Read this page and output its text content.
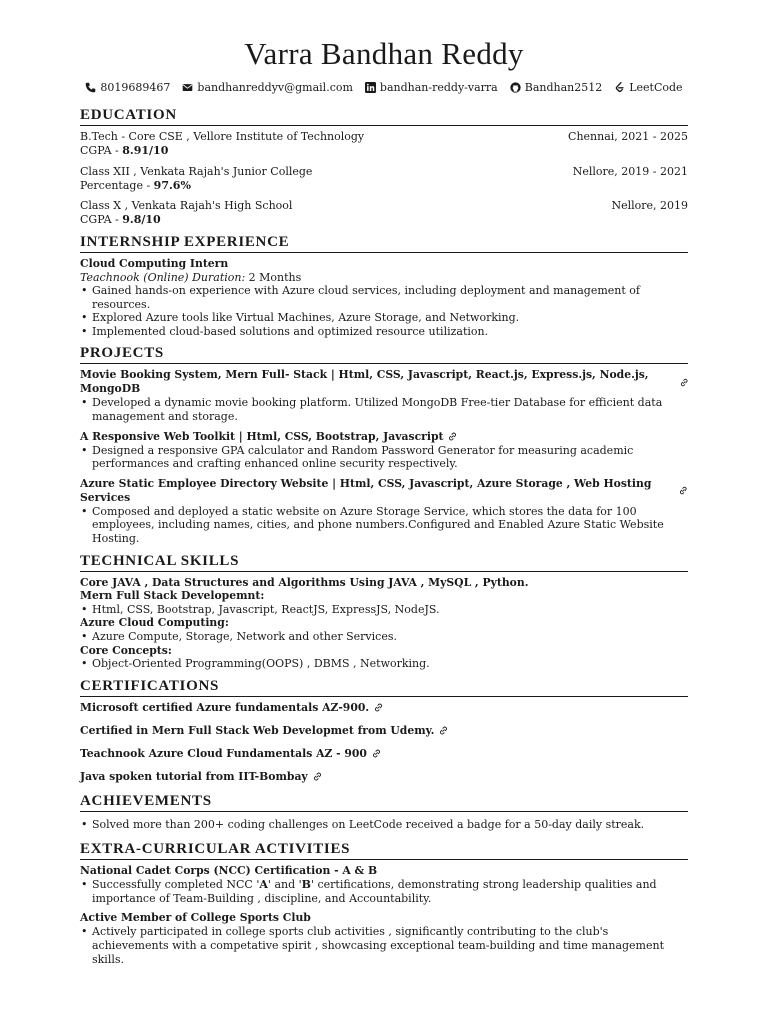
Varra Bandhan Reddy
8019689467 bandhanreddyv@gmail.com bandhan-reddy-varra Bandhan2512 LeetCode
EDUCATION
B.Tech - Core CSE , Vellore Institute of Technology	Chennai, 2021 - 2025
CGPA - 8.91/10
Class XII , Venkata Rajah's Junior College	Nellore, 2019 - 2021
Percentage - 97.6%
Class X , Venkata Rajah's High School	Nellore, 2019
CGPA - 9.8/10
INTERNSHIP EXPERIENCE
Cloud Computing Intern
Teachnook (Online) Duration: 2 Months
• Gained hands-on experience with Azure cloud services, including deployment and management of resources.
• Explored Azure tools like Virtual Machines, Azure Storage, and Networking.
• Implemented cloud-based solutions and optimized resource utilization.
PROJECTS
Movie Booking System, Mern Full- Stack | Html, CSS, Javascript, React.js, Express.js, Node.js, MongoDB
• Developed a dynamic movie booking platform. Utilized MongoDB Free-tier Database for efficient data management and storage.
A Responsive Web Toolkit | Html, CSS, Bootstrap, Javascript
• Designed a responsive GPA calculator and Random Password Generator for measuring academic performances and crafting enhanced online security respectively.
Azure Static Employee Directory Website | Html, CSS, Javascript, Azure Storage , Web Hosting Services
• Composed and deployed a static website on Azure Storage Service, which stores the data for 100 employees, including names, cities, and phone numbers.Configured and Enabled Azure Static Website Hosting.
TECHNICAL SKILLS
Core JAVA , Data Structures and Algorithms Using JAVA , MySQL , Python.
Mern Full Stack Developemnt:
• Html, CSS, Bootstrap, Javascript, ReactJS, ExpressJS, NodeJS.
Azure Cloud Computing:
• Azure Compute, Storage, Network and other Services.
Core Concepts:
• Object-Oriented Programming(OOPS) , DBMS , Networking.
CERTIFICATIONS
Microsoft certified Azure fundamentals AZ-900.
Certified in Mern Full Stack Web Developmet from Udemy.
Teachnook Azure Cloud Fundamentals AZ - 900
Java spoken tutorial from IIT-Bombay
ACHIEVEMENTS
• Solved more than 200+ coding challenges on LeetCode received a badge for a 50-day daily streak.
EXTRA-CURRICULAR ACTIVITIES
National Cadet Corps (NCC) Certification - A & B
• Successfully completed NCC 'A' and 'B' certifications, demonstrating strong leadership qualities and importance of Team-Building , discipline, and Accountability.
Active Member of College Sports Club
• Actively participated in college sports club activities , significantly contributing to the club's achievements with a competative spirit , showcasing exceptional team-building and time management skills.
